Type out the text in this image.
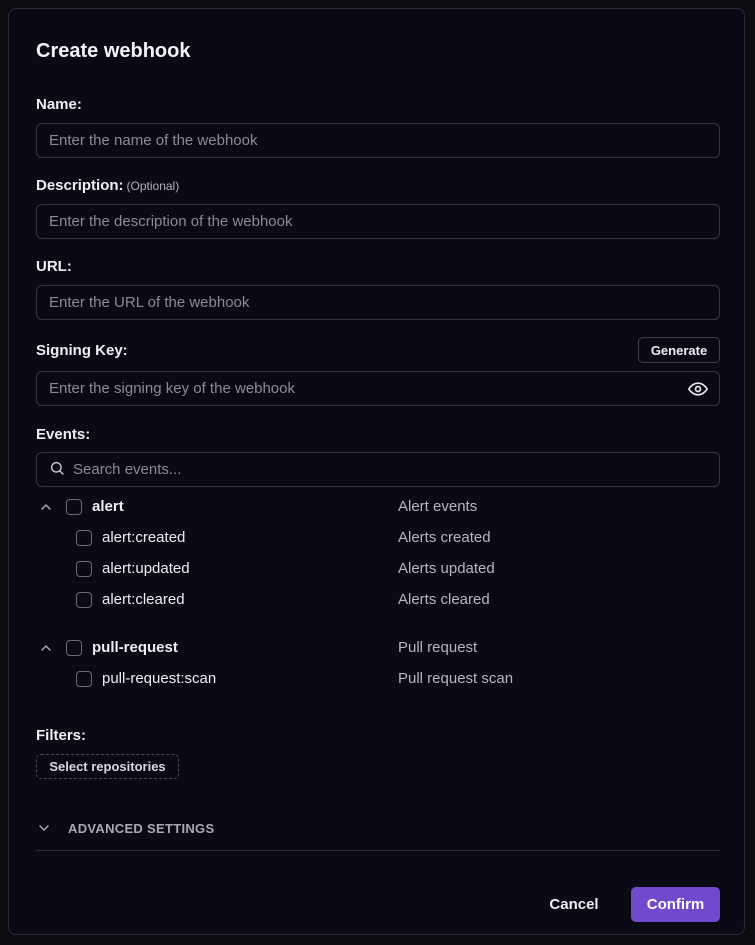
Create webhook
Name:
Enter the name of the webhook
Description: (Optional)
Enter the description of the webhook
URL:
Enter the URL of the webhook
Signing Key:	Generate
Events:
Search events...
alert	Alert events
alert:created	Alerts created
alert:updated	Alerts updated
alert:cleared	Alerts cleared
pull-request	Pull request
pull-request:scan	Pull request scan
Filters:
Select repositories
ADVANCED SETTINGS
Cancel	Confirm
